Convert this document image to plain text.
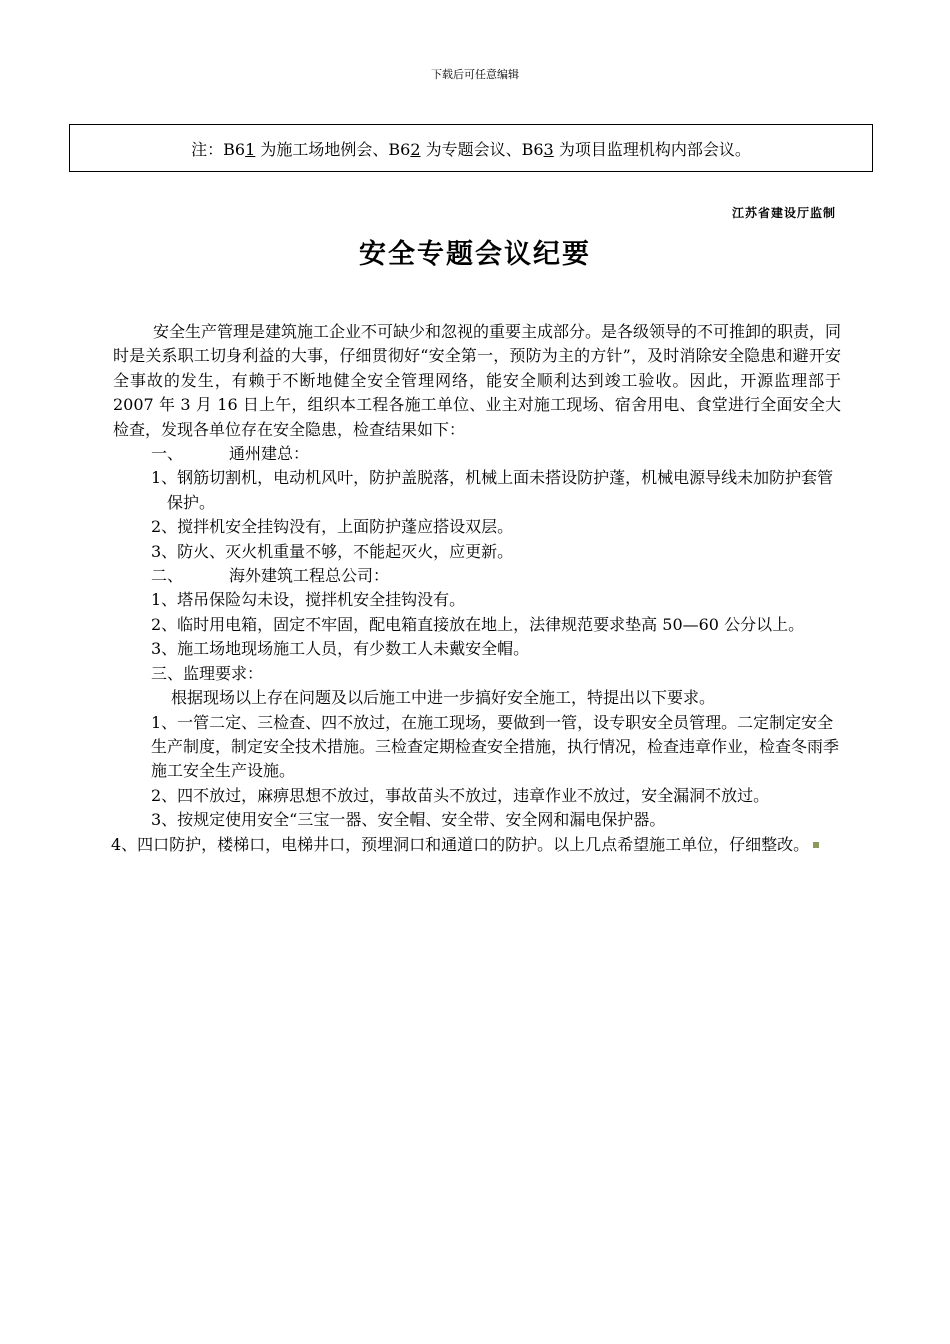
下载后可任意编辑
注：B61 为施工场地例会、B62 为专题会议、B63 为项目监理机构内部会议。
江苏省建设厅监制
安全专题会议纪要

安全生产管理是建筑施工企业不可缺少和忽视的重要主成部分。是各级领导的不可推卸的职责，同时是关系职工切身利益的大事，仔细贯彻好“安全第一，预防为主的方针”，及时消除安全隐患和避开安全事故的发生，有赖于不断地健全安全管理网络，能安全顺利达到竣工验收。因此，开源监理部于 2007 年 3 月 16 日上午，组织本工程各施工单位、业主对施工现场、宿舍用电、食堂进行全面安全大检查，发现各单位存在安全隐患，检查结果如下：

一、	通州建总：

1、钢筋切割机，电动机风叶，防护盖脱落，机械上面未搭设防护蓬，机械电源导线未加防护套管保护。

2、搅拌机安全挂钩没有，上面防护蓬应搭设双层。

3、防火、灭火机重量不够，不能起灭火，应更新。

二、	海外建筑工程总公司：

1、塔吊保险勾未设，搅拌机安全挂钩没有。

2、临时用电箱，固定不牢固，配电箱直接放在地上，法律规范要求垫高 50—60 公分以上。

3、施工场地现场施工人员，有少数工人未戴安全帽。

三、监理要求：

根据现场以上存在问题及以后施工中进一步搞好安全施工，特提出以下要求。

1、一管二定、三检查、四不放过，在施工现场，要做到一管，设专职安全员管理。二定制定安全生产制度，制定安全技术措施。三检查定期检查安全措施，执行情况，检查违章作业，检查冬雨季施工安全生产设施。

2、四不放过，麻痹思想不放过，事故苗头不放过，违章作业不放过，安全漏洞不放过。

3、按规定使用安全“三宝一器、安全帽、安全带、安全网和漏电保护器。

4、四口防护，楼梯口，电梯井口，预埋洞口和通道口的防护。以上几点希望施工单位，仔细整改。
